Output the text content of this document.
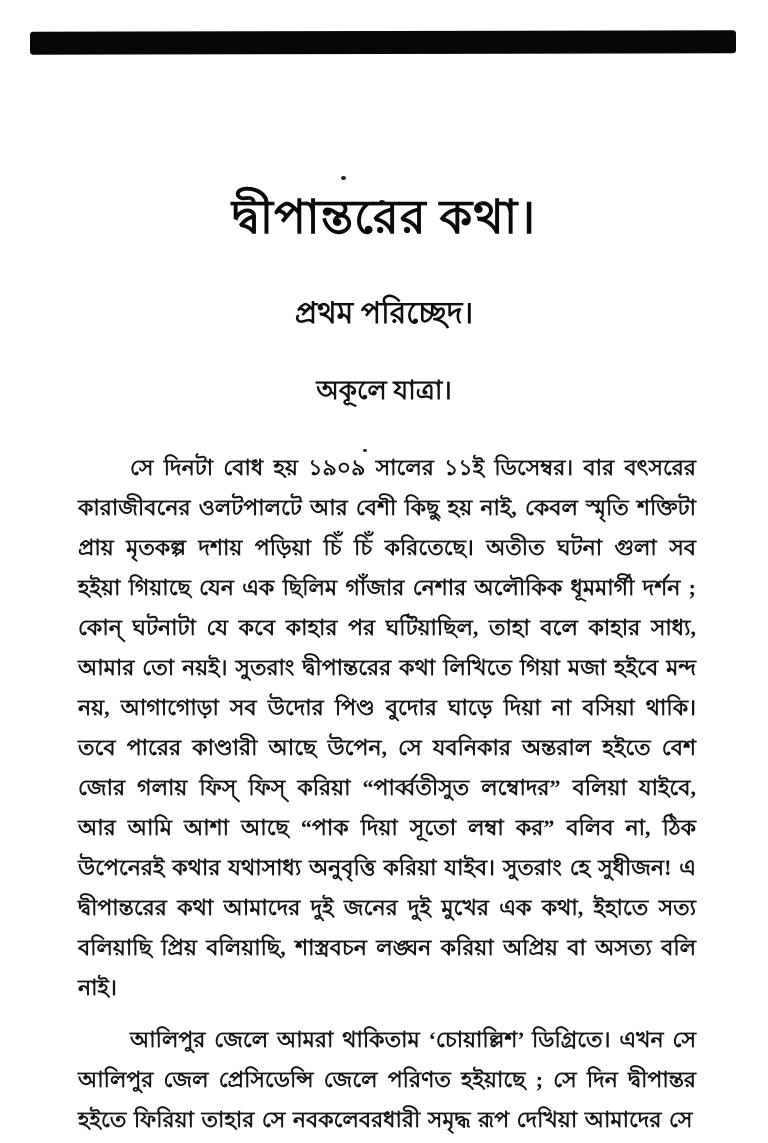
দ্বীপান্তরের কথা।
প্রথম পরিচ্ছেদ।
অকূলে যাত্রা।

সে দিনটা বোধ হয় ১৯০৯ সালের ১১ই ডিসেম্বর। বার বৎসরের কারাজীবনের ওলটপালটে আর বেশী কিছু হয় নাই, কেবল স্মৃতি শক্তিটা প্রায় মৃতকল্প দশায় পড়িয়া চিঁ চিঁ করিতেছে। অতীত ঘটনা গুলা সব হইয়া গিয়াছে যেন এক ছিলিম গাঁজার নেশার অলৌকিক ধূমমার্গী দর্শন ; কোন্ ঘটনাটা যে কবে কাহার পর ঘটিয়াছিল, তাহা বলে কাহার সাধ্য, আমার তো নয়ই। সুতরাং দ্বীপান্তরের কথা লিখিতে গিয়া মজা হইবে মন্দ নয়, আগাগোড়া সব উদোর পিণ্ড বুদোর ঘাড়ে দিয়া না বসিয়া থাকি। তবে পারের কাণ্ডারী আছে উপেন, সে যবনিকার অন্তরাল হইতে বেশ জোর গলায় ফিস্ ফিস্ করিয়া “পার্ব্বতীসুত লম্বোদর” বলিয়া যাইবে, আর আমি আশা আছে “পাক দিয়া সূতো লম্বা কর” বলিব না, ঠিক উপেনেরই কথার যথাসাধ্য অনুবৃত্তি করিয়া যাইব। সুতরাং হে সুধীজন! এ দ্বীপান্তরের কথা আমাদের দুই জনের দুই মুখের এক কথা, ইহাতে সত্য বলিয়াছি প্রিয় বলিয়াছি, শাস্ত্রবচন লঙ্ঘন করিয়া অপ্রিয় বা অসত্য বলি নাই।

আলিপুর জেলে আমরা থাকিতাম ‘চোয়াল্লিশ’ ডিগ্রিতে। এখন সে আলিপুর জেল প্রেসিডেন্সি জেলে পরিণত হইয়াছে ; সে দিন দ্বীপান্তর হইতে ফিরিয়া তাহার সে নবকলেবরধারী সমৃদ্ধ রূপ দেখিয়া আমাদের সে
